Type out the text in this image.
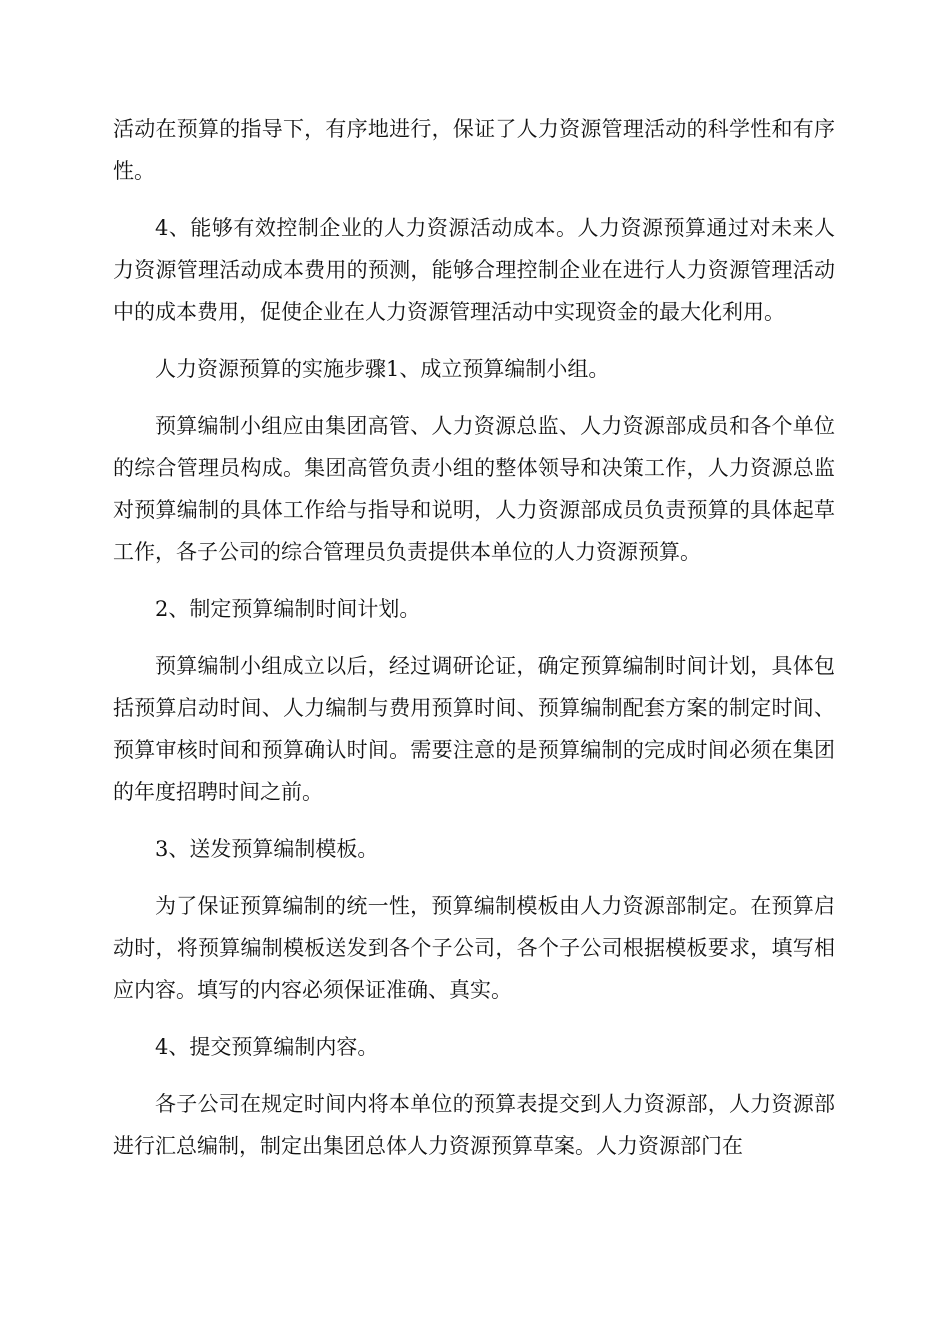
活动在预算的指导下，有序地进行，保证了人力资源管理活动的科学性和有序性。

4、能够有效控制企业的人力资源活动成本。人力资源预算通过对未来人力资源管理活动成本费用的预测，能够合理控制企业在进行人力资源管理活动中的成本费用，促使企业在人力资源管理活动中实现资金的最大化利用。

人力资源预算的实施步骤1、成立预算编制小组。

预算编制小组应由集团高管、人力资源总监、人力资源部成员和各个单位的综合管理员构成。集团高管负责小组的整体领导和决策工作，人力资源总监对预算编制的具体工作给与指导和说明，人力资源部成员负责预算的具体起草工作，各子公司的综合管理员负责提供本单位的人力资源预算。

2、制定预算编制时间计划。

预算编制小组成立以后，经过调研论证，确定预算编制时间计划，具体包括预算启动时间、人力编制与费用预算时间、预算编制配套方案的制定时间、预算审核时间和预算确认时间。需要注意的是预算编制的完成时间必须在集团的年度招聘时间之前。

3、送发预算编制模板。

为了保证预算编制的统一性，预算编制模板由人力资源部制定。在预算启动时，将预算编制模板送发到各个子公司，各个子公司根据模板要求，填写相应内容。填写的内容必须保证准确、真实。

4、提交预算编制内容。

各子公司在规定时间内将本单位的预算表提交到人力资源部，人力资源部进行汇总编制，制定出集团总体人力资源预算草案。人力资源部门在
